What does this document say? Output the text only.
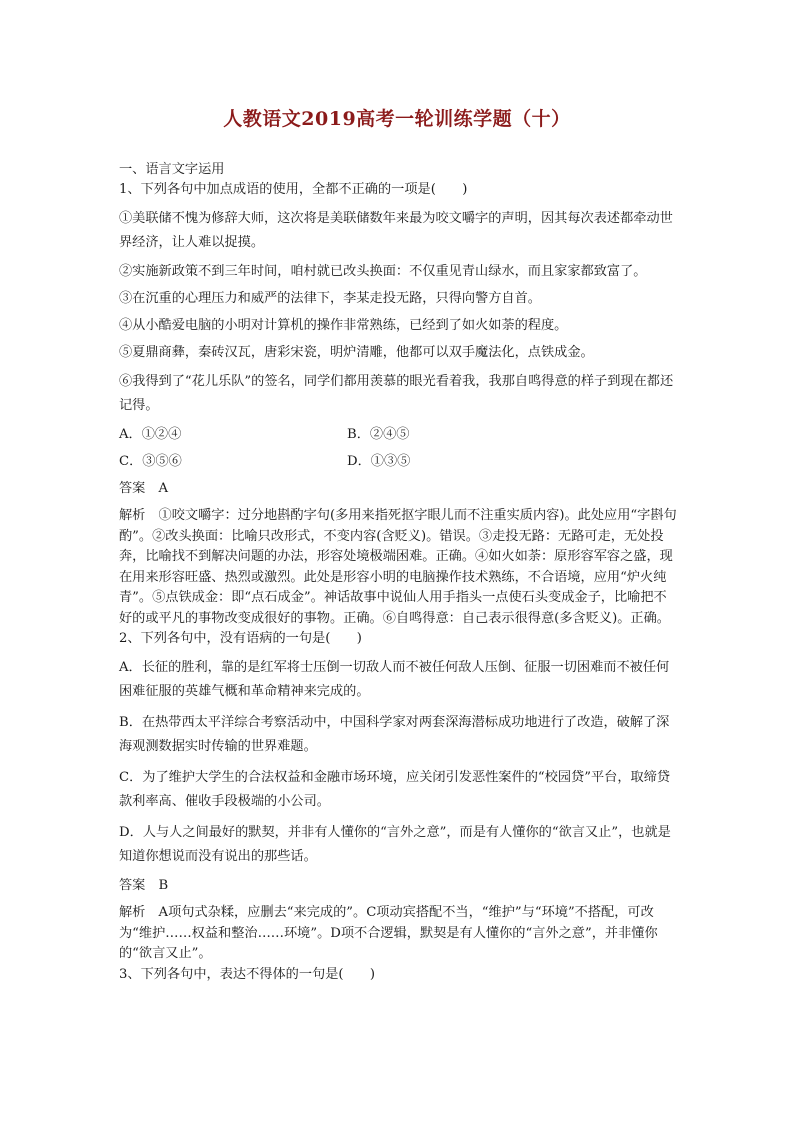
人教语文2019高考一轮训练学题（十）

一、语言文字运用

1、下列各句中加点成语的使用，全都不正确的一项是(　　)

①美联储不愧为修辞大师，这次将是美联储数年来最为咬文嚼字的声明，因其每次表述都牵动世界经济，让人难以捉摸。

②实施新政策不到三年时间，咱村就已改头换面：不仅重见青山绿水，而且家家都致富了。

③在沉重的心理压力和威严的法律下，李某走投无路，只得向警方自首。

④从小酷爱电脑的小明对计算机的操作非常熟练，已经到了如火如荼的程度。

⑤夏鼎商彝，秦砖汉瓦，唐彩宋瓷，明炉清雕，他都可以双手魔法化，点铁成金。

⑥我得到了“花儿乐队”的签名，同学们都用羡慕的眼光看着我，我那自鸣得意的样子到现在都还记得。

A．①②④	B．②④⑤
C．③⑤⑥	D．①③⑤

答案　A

解析　①咬文嚼字：过分地斟酌字句(多用来指死抠字眼儿而不注重实质内容)。此处应用“字斟句酌”。②改头换面：比喻只改形式，不变内容(含贬义)。错误。③走投无路：无路可走，无处投奔，比喻找不到解决问题的办法，形容处境极端困难。正确。④如火如荼：原形容军容之盛，现在用来形容旺盛、热烈或激烈。此处是形容小明的电脑操作技术熟练，不合语境，应用“炉火纯青”。⑤点铁成金：即“点石成金”。神话故事中说仙人用手指头一点使石头变成金子，比喻把不好的或平凡的事物改变成很好的事物。正确。⑥自鸣得意：自己表示很得意(多含贬义)。正确。

2、下列各句中，没有语病的一句是(　　)

A．长征的胜利，靠的是红军将士压倒一切敌人而不被任何敌人压倒、征服一切困难而不被任何困难征服的英雄气概和革命精神来完成的。

B．在热带西太平洋综合考察活动中，中国科学家对两套深海潜标成功地进行了改造，破解了深海观测数据实时传输的世界难题。

C．为了维护大学生的合法权益和金融市场环境，应关闭引发恶性案件的“校园贷”平台，取缔贷款利率高、催收手段极端的小公司。

D．人与人之间最好的默契，并非有人懂你的“言外之意”，而是有人懂你的“欲言又止”，也就是知道你想说而没有说出的那些话。

答案　B

解析　A项句式杂糅，应删去“来完成的”。C项动宾搭配不当，“维护”与“环境”不搭配，可改为“维护……权益和整治……环境”。D项不合逻辑，默契是有人懂你的“言外之意”，并非懂你的“欲言又止”。

3、下列各句中，表达不得体的一句是(　　)
